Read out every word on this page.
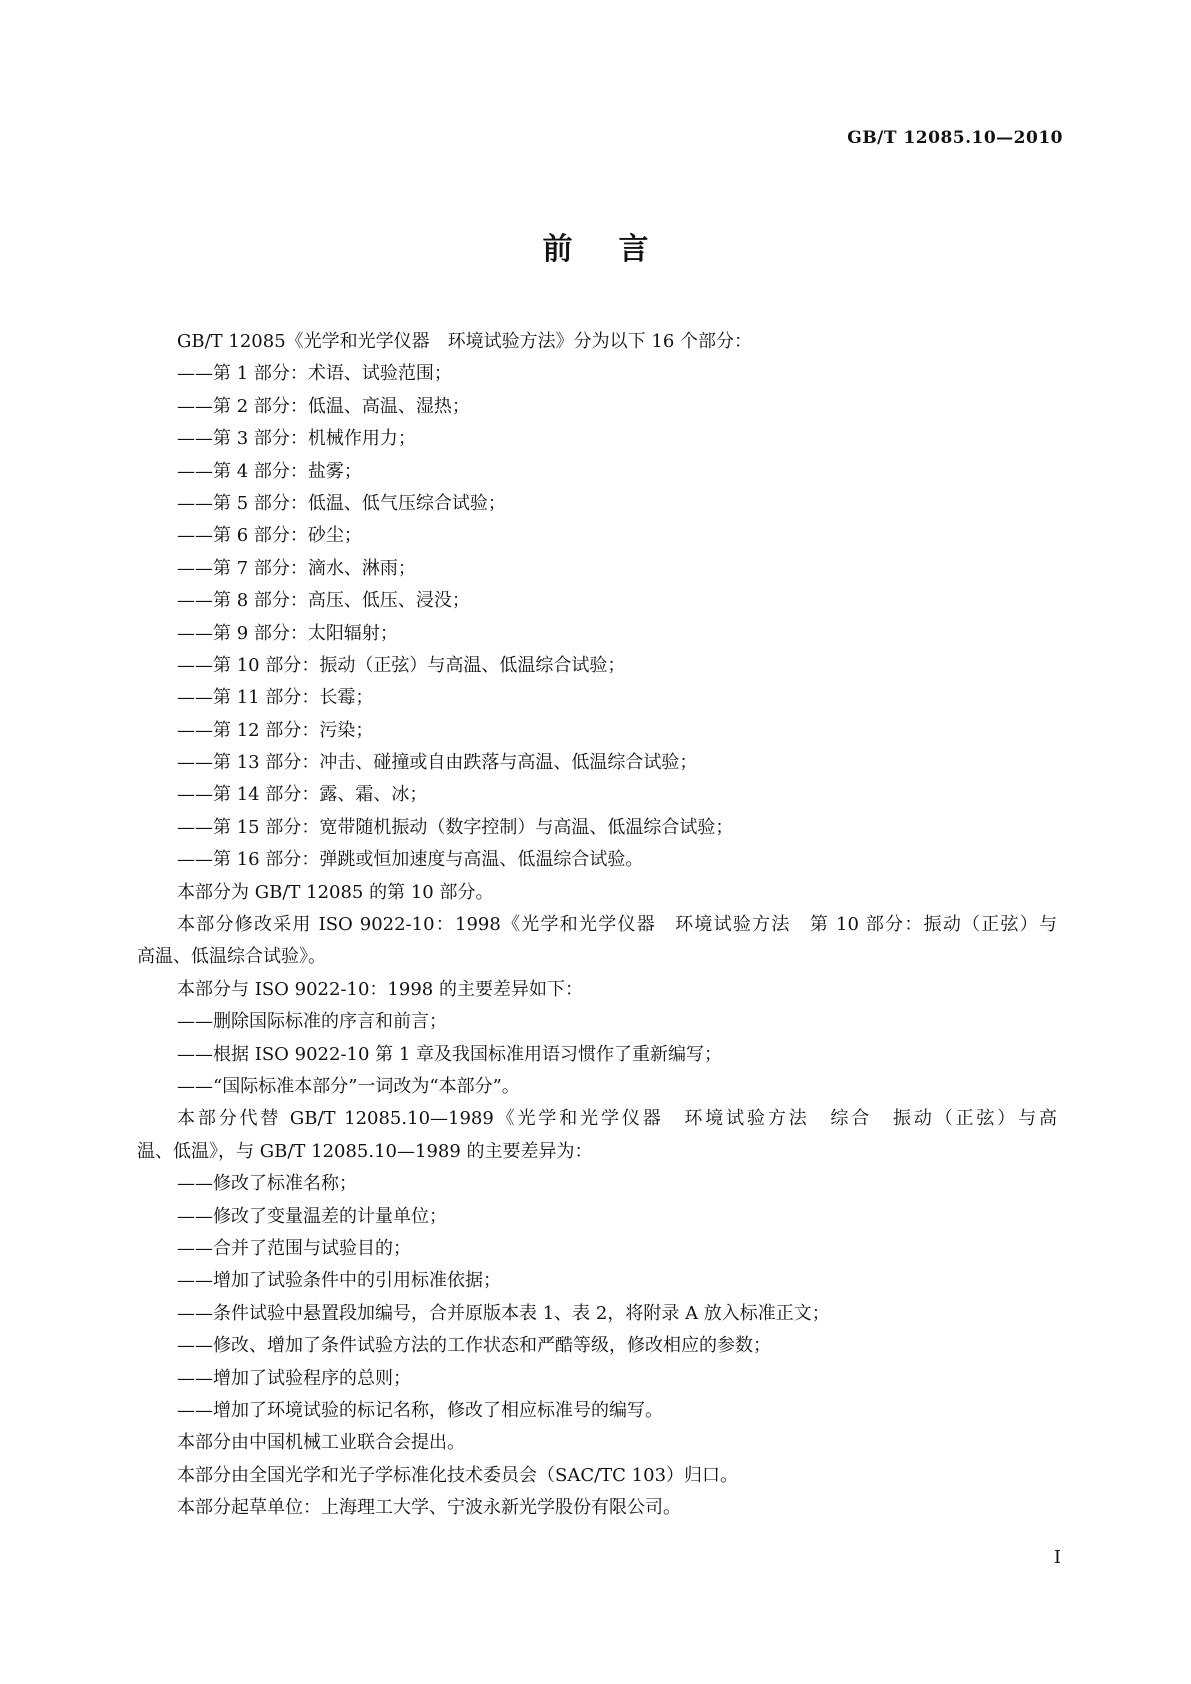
GB/T 12085.10—2010
前言
GB/T 12085《光学和光学仪器　环境试验方法》分为以下 16 个部分：
——第 1 部分：术语、试验范围；
——第 2 部分：低温、高温、湿热；
——第 3 部分：机械作用力；
——第 4 部分：盐雾；
——第 5 部分：低温、低气压综合试验；
——第 6 部分：砂尘；
——第 7 部分：滴水、淋雨；
——第 8 部分：高压、低压、浸没；
——第 9 部分：太阳辐射；
——第 10 部分：振动（正弦）与高温、低温综合试验；
——第 11 部分：长霉；
——第 12 部分：污染；
——第 13 部分：冲击、碰撞或自由跌落与高温、低温综合试验；
——第 14 部分：露、霜、冰；
——第 15 部分：宽带随机振动（数字控制）与高温、低温综合试验；
——第 16 部分：弹跳或恒加速度与高温、低温综合试验。
本部分为 GB/T 12085 的第 10 部分。
本部分修改采用 ISO 9022-10：1998《光学和光学仪器　环境试验方法　第 10 部分：振动（正弦）与
高温、低温综合试验》。
本部分与 ISO 9022-10：1998 的主要差异如下：
——删除国际标准的序言和前言；
——根据 ISO 9022-10 第 1 章及我国标准用语习惯作了重新编写；
——“国际标准本部分”一词改为“本部分”。
本部分代替 GB/T 12085.10—1989《光学和光学仪器　环境试验方法　综合　振动（正弦）与高
温、低温》，与 GB/T 12085.10—1989 的主要差异为：
——修改了标准名称；
——修改了变量温差的计量单位；
——合并了范围与试验目的；
——增加了试验条件中的引用标准依据；
——条件试验中悬置段加编号，合并原版本表 1、表 2，将附录 A 放入标准正文；
——修改、增加了条件试验方法的工作状态和严酷等级，修改相应的参数；
——增加了试验程序的总则；
——增加了环境试验的标记名称，修改了相应标准号的编写。
本部分由中国机械工业联合会提出。
本部分由全国光学和光子学标准化技术委员会（SAC/TC 103）归口。
本部分起草单位：上海理工大学、宁波永新光学股份有限公司。
I
